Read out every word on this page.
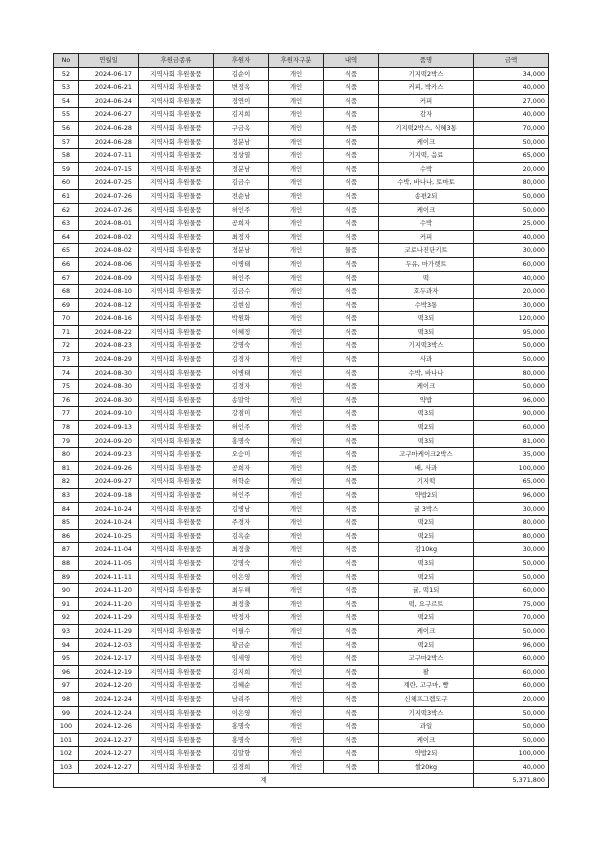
No	연월일	후원금종류	후원자	후원자구분	내역	품명	금액
52	2024-06-17	지역사회 후원물품	김순이	개인	식품	기지떡2박스	34,000
53	2024-06-21	지역사회 후원물품	변정옥	개인	식품	커피, 박카스	40,000
54	2024-06-24	지역사회 후원물품	정연이	개인	식품	커피	27,000
55	2024-06-27	지역사회 후원물품	김지희	개인	식품	감자	40,000
56	2024-06-28	지역사회 후원물품	구금옥	개인	식품	기지떡2박스, 식혜3통	70,000
57	2024-06-28	지역사회 후원물품	정분남	개인	식품	케이크	50,000
58	2024-07-11	지역사회 후원물품	정상열	개인	식품	기지떡, 음료	65,000
59	2024-07-15	지역사회 후원물품	정분남	개인	식품	수박	20,000
60	2024-07-25	지역사회 후원물품	김금수	개인	식품	수박, 바나나, 토마토	80,000
61	2024-07-26	지역사회 후원물품	전순남	개인	식품	송편2되	50,000
62	2024-07-26	지역사회 후원물품	허인주	개인	식품	케이크	50,000
63	2024-08-01	지역사회 후원물품	공희자	개인	식품	수박	25,000
64	2024-08-02	지역사회 후원물품	최정자	개인	식품	커피	40,000
65	2024-08-02	지역사회 후원물품	정분남	개인	물품	코로나진단키트	30,000
66	2024-08-06	지역사회 후원물품	이병태	개인	식품	두유, 마가렛트	60,000
67	2024-08-09	지역사회 후원물품	허인주	개인	식품	떡	40,000
68	2024-08-10	지역사회 후원물품	김금수	개인	식품	호두과자	20,000
69	2024-08-12	지역사회 후원물품	김현심	개인	식품	수박3통	30,000
70	2024-08-16	지역사회 후원물품	박원화	개인	식품	떡3되	120,000
71	2024-08-22	지역사회 후원물품	이혜정	개인	식품	떡3되	95,000
72	2024-08-23	지역사회 후원물품	강명숙	개인	식품	기지떡3박스	50,000
73	2024-08-29	지역사회 후원물품	김경자	개인	식품	사과	50,000
74	2024-08-30	지역사회 후원물품	이병태	개인	식품	수박, 바나나	80,000
75	2024-08-30	지역사회 후원물품	김경자	개인	식품	케이크	50,000
76	2024-08-30	지역사회 후원물품	송말악	개인	식품	약밥	96,000
77	2024-09-10	지역사회 후원물품	강점미	개인	식품	떡3되	90,000
78	2024-09-13	지역사회 후원물품	허인주	개인	식품	떡2되	60,000
79	2024-09-20	지역사회 후원물품	홍명숙	개인	식품	떡3되	81,000
80	2024-09-23	지역사회 후원물품	오승미	개인	식품	고구마케이크2박스	35,000
81	2024-09-26	지역사회 후원물품	공희자	개인	식품	배, 사과	100,000
82	2024-09-27	지역사회 후원물품	허학순	개인	식품	기지떡	65,000
83	2024-09-18	지역사회 후원물품	허인주	개인	식품	약밥2되	96,000
84	2024-10-24	지역사회 후원물품	김병남	개인	식품	귤 3박스	30,000
85	2024-10-24	지역사회 후원물품	주경자	개인	식품	떡2되	80,000
86	2024-10-25	지역사회 후원물품	김옥순	개인	식품	떡2되	80,000
87	2024-11-04	지역사회 후원물품	최정출	개인	식품	감10kg	30,000
88	2024-11-05	지역사회 후원물품	강명숙	개인	식품	떡3되	50,000
89	2024-11-11	지역사회 후원물품	이은영	개인	식품	떡2되	50,000
90	2024-11-20	지역사회 후원물품	최두해	개인	식품	귤, 떡1되	60,000
91	2024-11-20	지역사회 후원물품	최정출	개인	식품	떡, 요구르트	75,000
92	2024-11-29	지역사회 후원물품	박정자	개인	식품	떡2되	70,000
93	2024-11-29	지역사회 후원물품	이필수	개인	식품	케이크	50,000
94	2024-12-03	지역사회 후원물품	황금순	개인	식품	떡2되	96,000
95	2024-12-17	지역사회 후원물품	임세영	개인	식품	고구마2박스	60,000
96	2024-12-19	지역사회 후원물품	김지희	개인	식품	팥	60,000
97	2024-12-20	지역사회 후원물품	김혜순	개인	식품	계란, 고구마, 빵	60,000
98	2024-12-24	지역사회 후원물품	남리주	개인	식품	신체프그램도구	20,000
99	2024-12-24	지역사회 후원물품	이은영	개인	식품	기지떡3박스	50,000
100	2024-12-26	지역사회 후원물품	홍명숙	개인	식품	과일	50,000
101	2024-12-27	지역사회 후원물품	홍명숙	개인	식품	케이크	50,000
102	2024-12-27	지역사회 후원물품	김말향	개인	식품	약밥2되	100,000
103	2024-12-27	지역사회 후원물품	김경희	개인	식품	쌀20kg	40,000
계							5,371,800
